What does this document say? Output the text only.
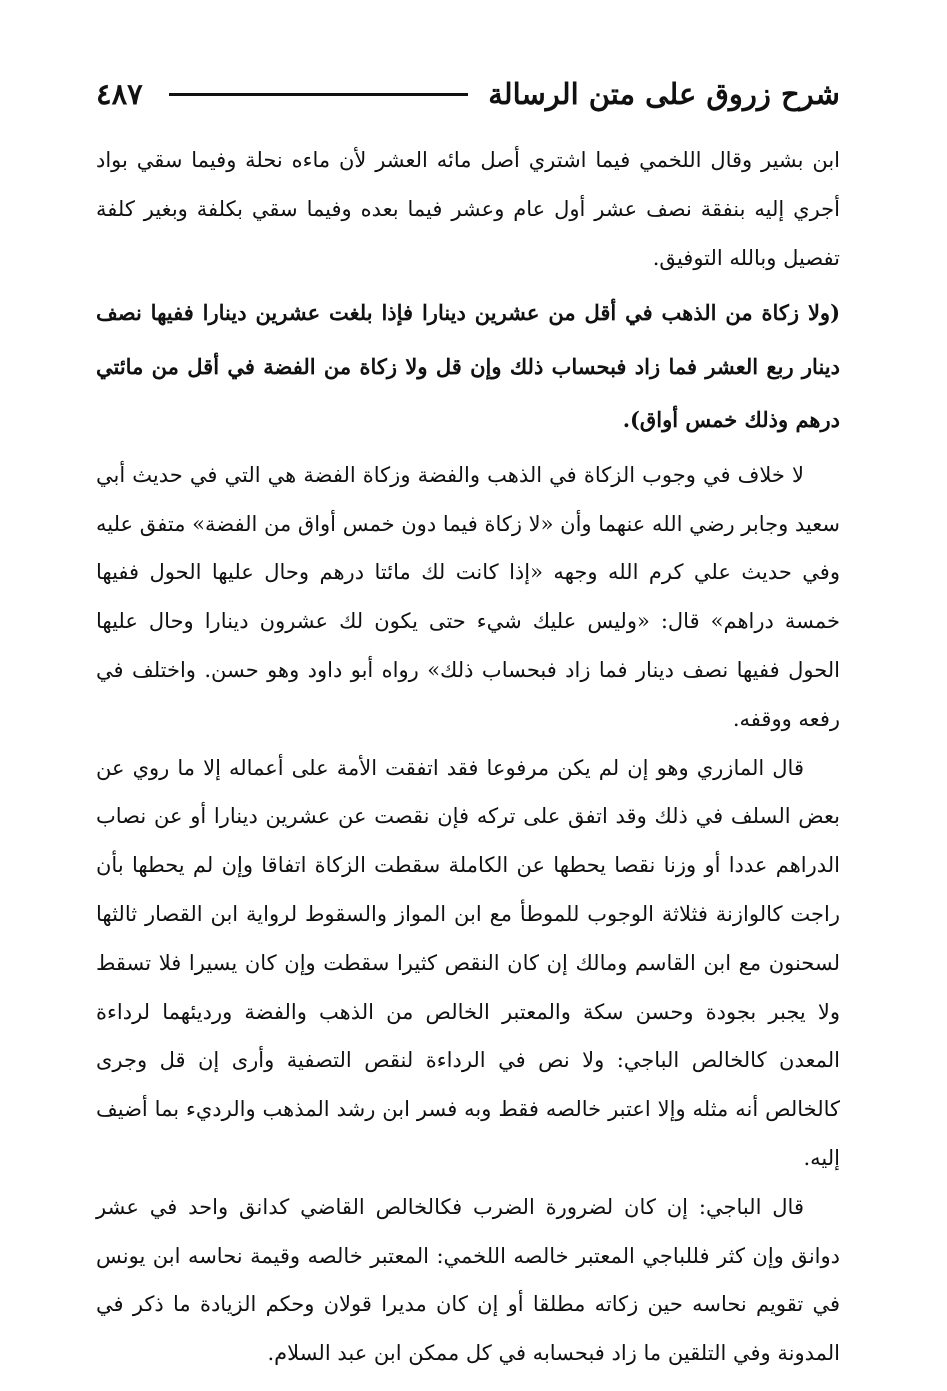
شرح زروق على متن الرسالة
٤٨٧

ابن بشير وقال اللخمي فيما اشتري أصل مائه العشر لأن ماءه نحلة وفيما سقي بواد أجري إليه بنفقة نصف عشر أول عام وعشر فيما بعده وفيما سقي بكلفة وبغير كلفة تفصيل وبالله التوفيق.

(ولا زكاة من الذهب في أقل من عشرين دينارا فإذا بلغت عشرين دينارا ففيها نصف دينار ربع العشر فما زاد فبحساب ذلك وإن قل ولا زكاة من الفضة في أقل من مائتي درهم وذلك خمس أواق).

لا خلاف في وجوب الزكاة في الذهب والفضة وزكاة الفضة هي التي في حديث أبي سعيد وجابر رضي الله عنهما وأن «لا زكاة فيما دون خمس أواق من الفضة» متفق عليه وفي حديث علي كرم الله وجهه «إذا كانت لك مائتا درهم وحال عليها الحول ففيها خمسة دراهم» قال: «وليس عليك شيء حتى يكون لك عشرون دينارا وحال عليها الحول ففيها نصف دينار فما زاد فبحساب ذلك» رواه أبو داود وهو حسن. واختلف في رفعه ووقفه.

قال المازري وهو إن لم يكن مرفوعا فقد اتفقت الأمة على أعماله إلا ما روي عن بعض السلف في ذلك وقد اتفق على تركه فإن نقصت عن عشرين دينارا أو عن نصاب الدراهم عددا أو وزنا نقصا يحطها عن الكاملة سقطت الزكاة اتفاقا وإن لم يحطها بأن راجت كالوازنة فثلاثة الوجوب للموطأ مع ابن المواز والسقوط لرواية ابن القصار ثالثها لسحنون مع ابن القاسم ومالك إن كان النقص كثيرا سقطت وإن كان يسيرا فلا تسقط ولا يجبر بجودة وحسن سكة والمعتبر الخالص من الذهب والفضة ورديئهما لرداءة المعدن كالخالص الباجي: ولا نص في الرداءة لنقص التصفية وأرى إن قل وجرى كالخالص أنه مثله وإلا اعتبر خالصه فقط وبه فسر ابن رشد المذهب والرديء بما أضيف إليه.

قال الباجي: إن كان لضرورة الضرب فكالخالص القاضي كدانق واحد في عشر دوانق وإن كثر فللباجي المعتبر خالصه اللخمي: المعتبر خالصه وقيمة نحاسه ابن يونس في تقويم نحاسه حين زكاته مطلقا أو إن كان مديرا قولان وحكم الزيادة ما ذكر في المدونة وفي التلقين ما زاد فبحسابه في كل ممكن ابن عبد السلام.
